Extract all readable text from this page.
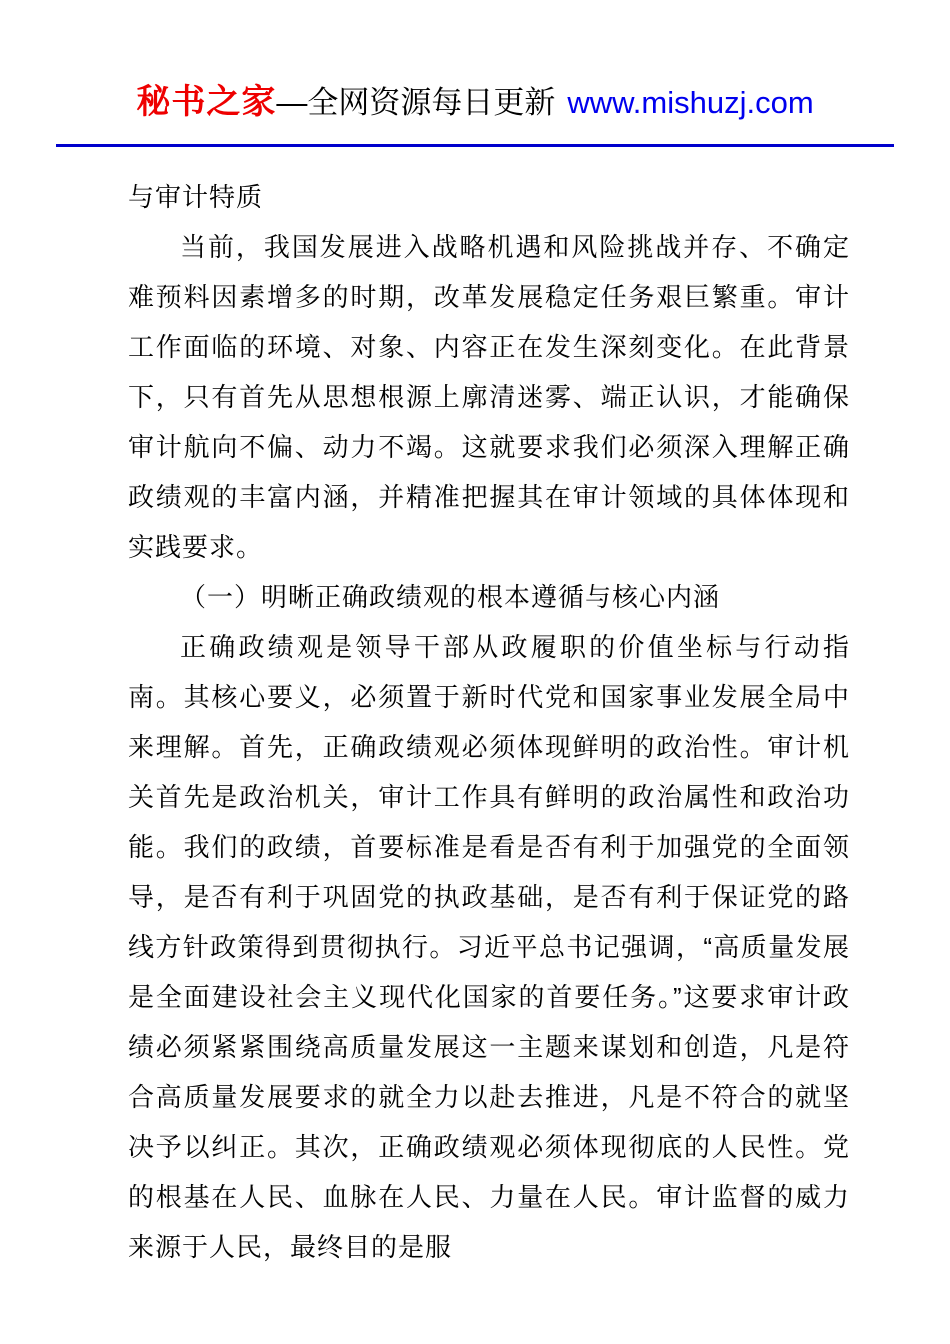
秘书之家—全网资源每日更新 www.mishuzj.com

与审计特质

当前，我国发展进入战略机遇和风险挑战并存、不确定难预料因素增多的时期，改革发展稳定任务艰巨繁重。审计工作面临的环境、对象、内容正在发生深刻变化。在此背景下，只有首先从思想根源上廓清迷雾、端正认识，才能确保审计航向不偏、动力不竭。这就要求我们必须深入理解正确政绩观的丰富内涵，并精准把握其在审计领域的具体体现和实践要求。

（一）明晰正确政绩观的根本遵循与核心内涵

正确政绩观是领导干部从政履职的价值坐标与行动指南。其核心要义，必须置于新时代党和国家事业发展全局中来理解。首先，正确政绩观必须体现鲜明的政治性。审计机关首先是政治机关，审计工作具有鲜明的政治属性和政治功能。我们的政绩，首要标准是看是否有利于加强党的全面领导，是否有利于巩固党的执政基础，是否有利于保证党的路线方针政策得到贯彻执行。习近平总书记强调，“高质量发展是全面建设社会主义现代化国家的首要任务。”这要求审计政绩必须紧紧围绕高质量发展这一主题来谋划和创造，凡是符合高质量发展要求的就全力以赴去推进，凡是不符合的就坚决予以纠正。其次，正确政绩观必须体现彻底的人民性。党的根基在人民、血脉在人民、力量在人民。审计监督的威力来源于人民，最终目的是服
